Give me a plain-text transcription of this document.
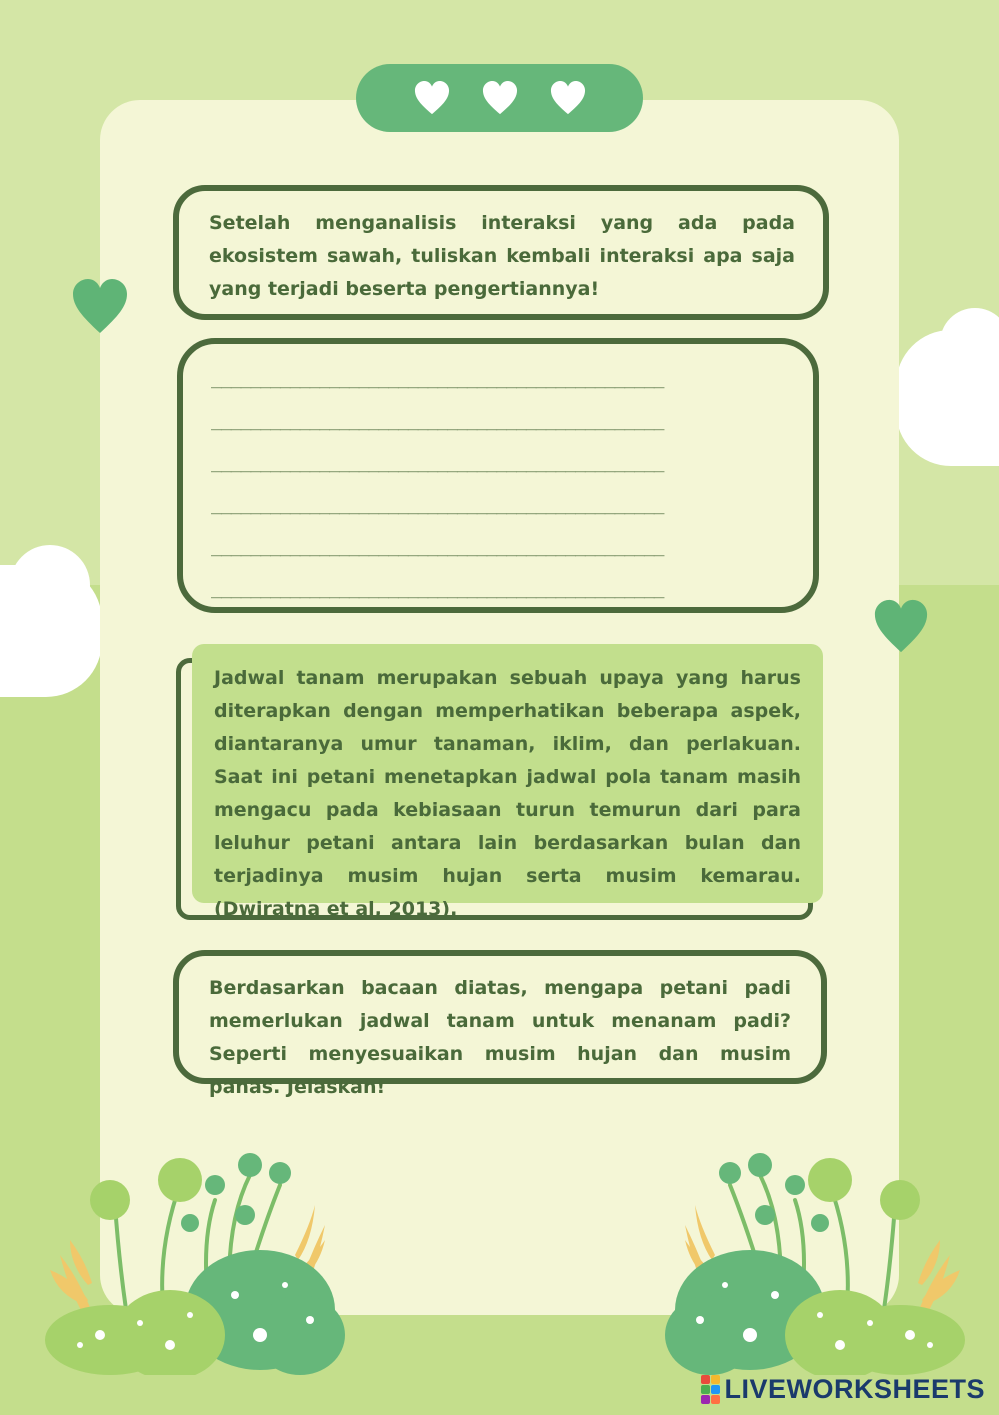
Setelah menganalisis interaksi yang ada pada ekosistem sawah, tuliskan kembali interaksi apa saja yang terjadi beserta pengertiannya!
______________________________________________
______________________________________________
______________________________________________
______________________________________________
______________________________________________
______________________________________________
Jadwal tanam merupakan sebuah upaya yang harus diterapkan dengan memperhatikan beberapa aspek, diantaranya umur tanaman, iklim, dan perlakuan. Saat ini petani menetapkan jadwal pola tanam masih mengacu pada kebiasaan turun temurun dari para leluhur petani antara lain berdasarkan bulan dan terjadinya musim hujan serta musim kemarau.(Dwiratna et al, 2013).
Berdasarkan bacaan diatas, mengapa petani padi memerlukan jadwal tanam untuk menanam padi? Seperti menyesuaikan musim hujan dan musim panas. Jelaskan!
LIVEWORKSHEETS
